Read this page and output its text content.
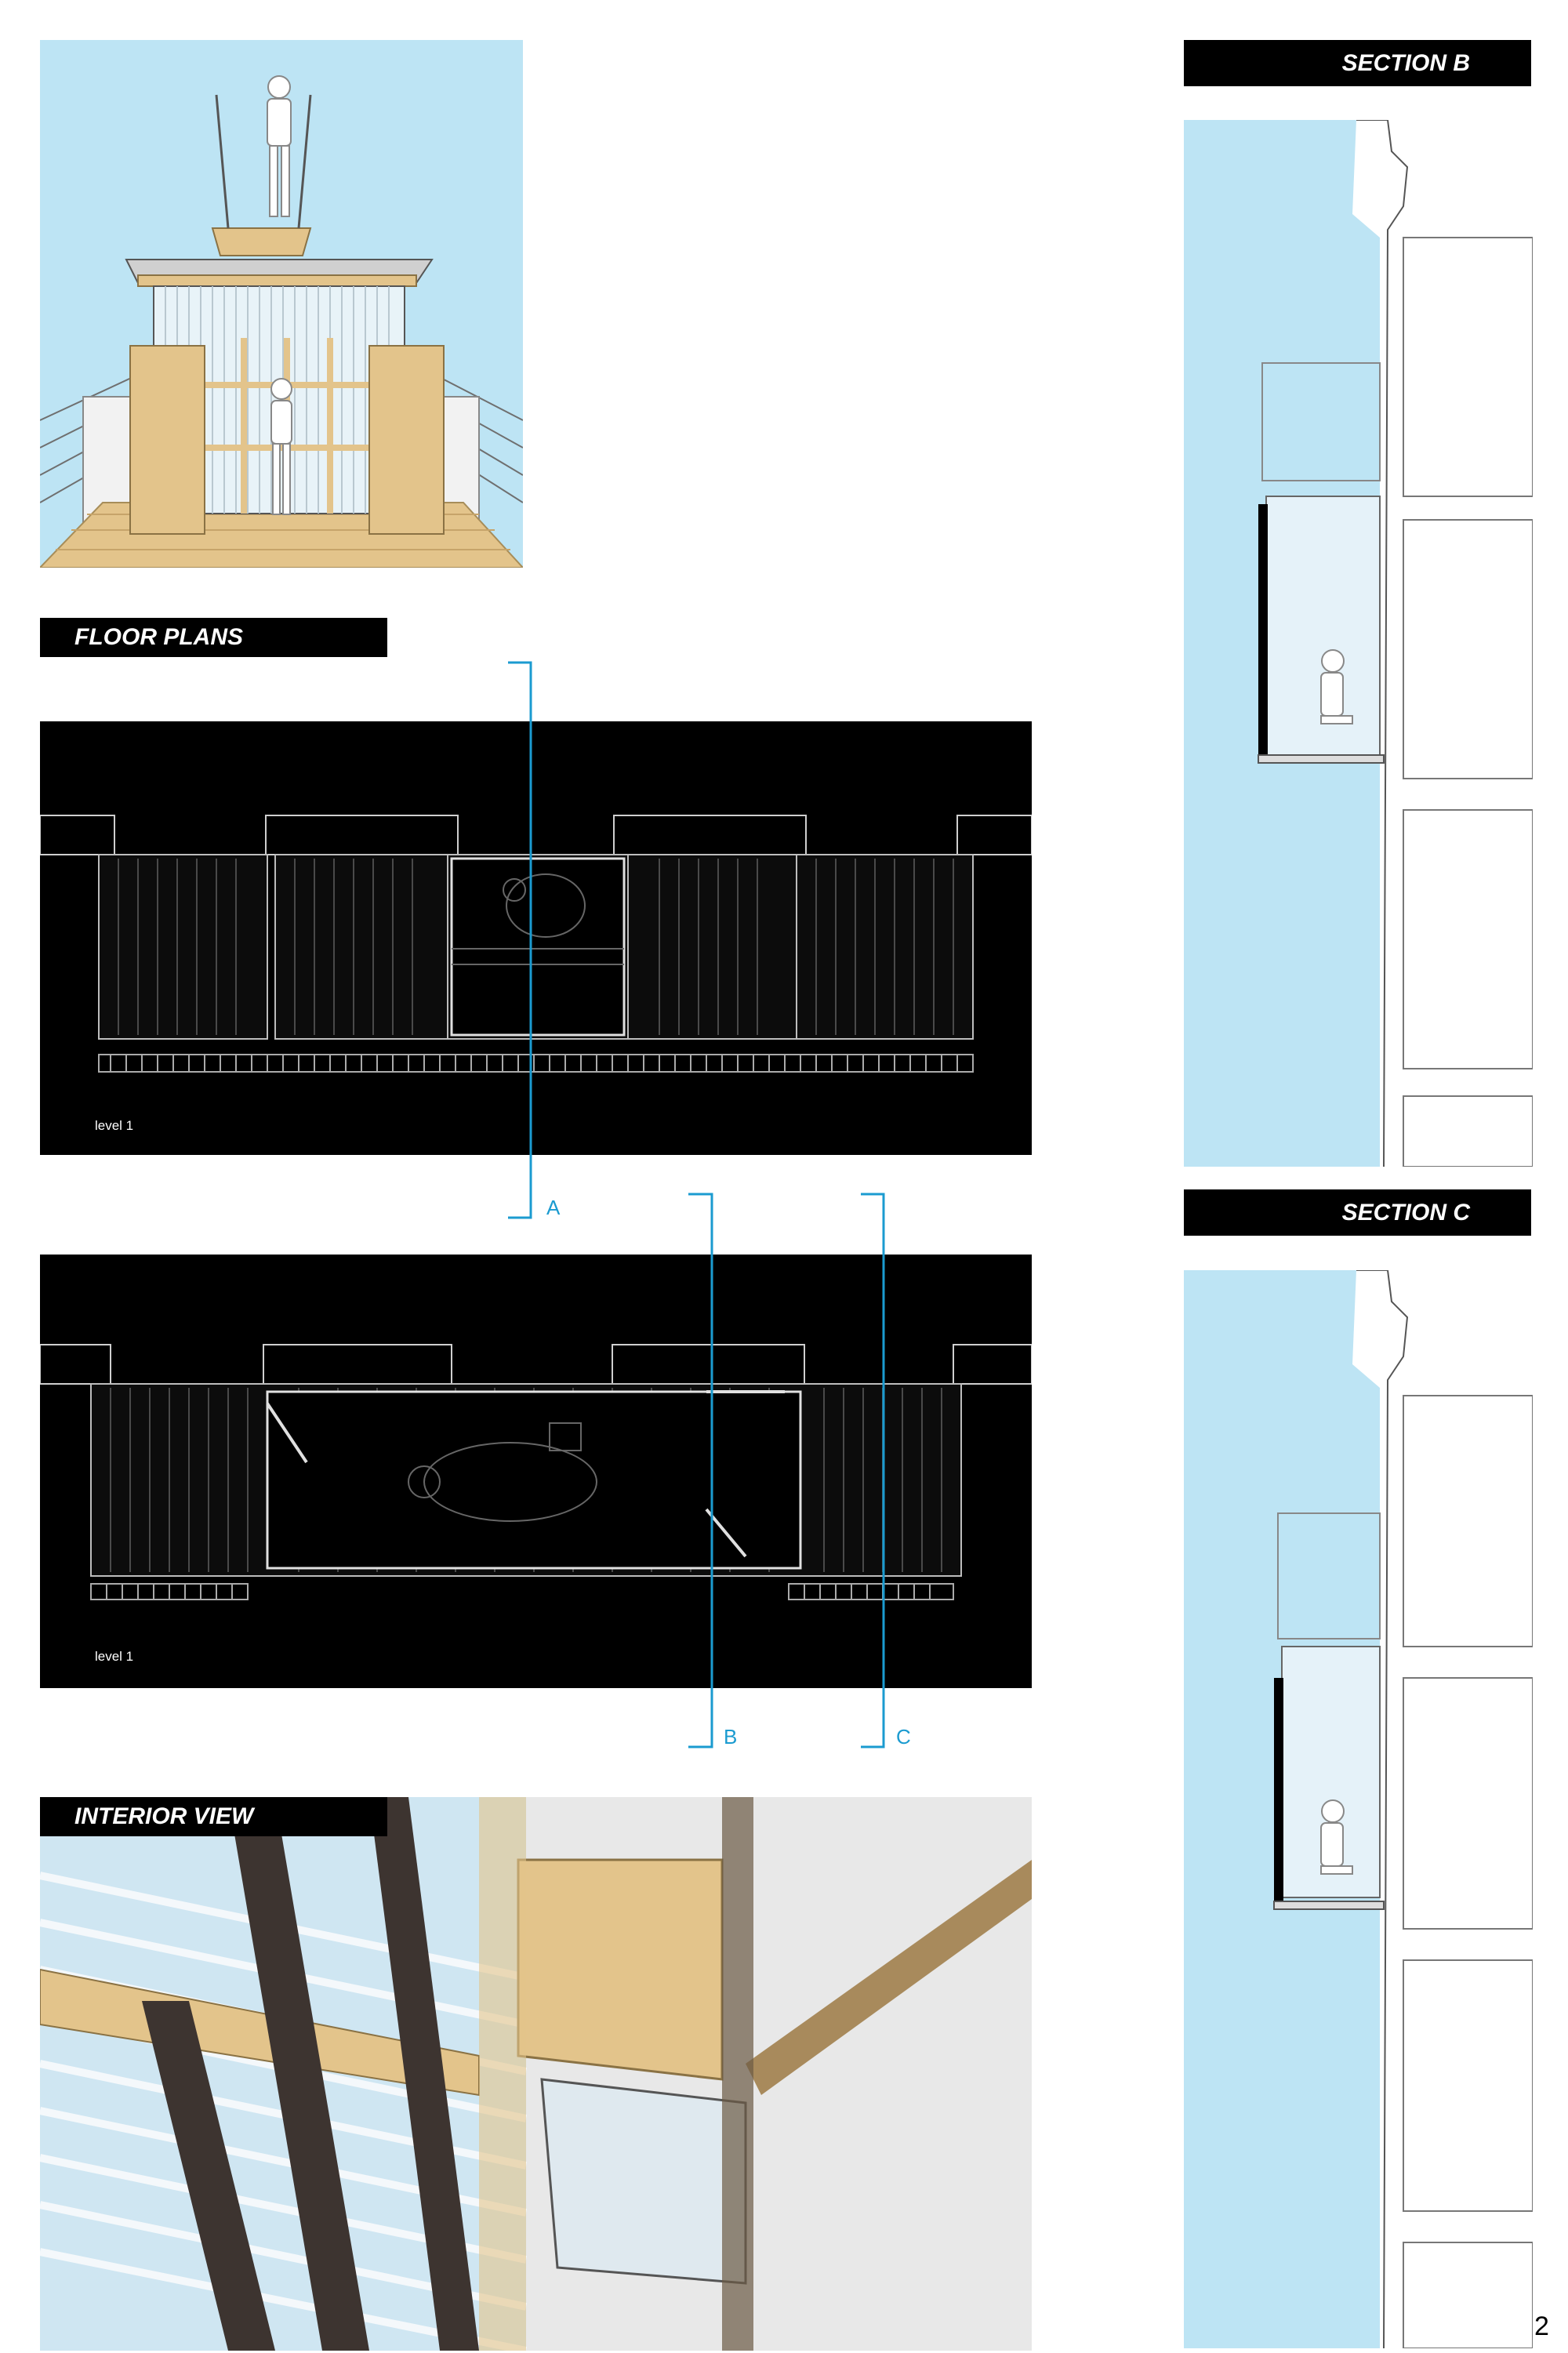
FLOOR PLANS
level 1
level 1
A
B	C
INTERIOR VIEW
SECTION B
SECTION C
2
